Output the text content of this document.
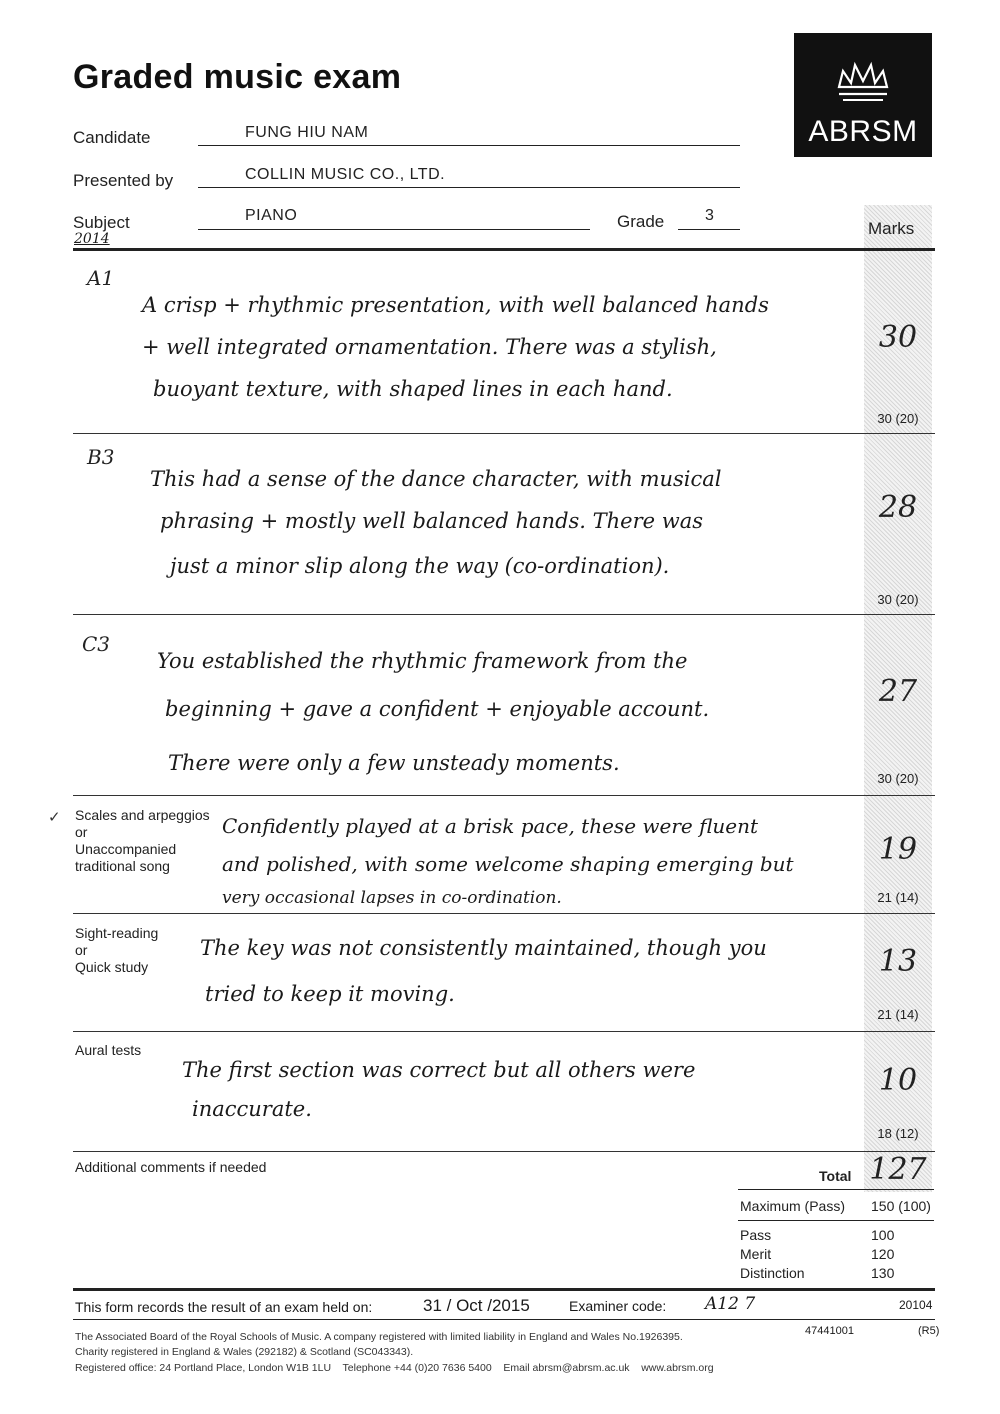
Graded music exam
ABRSM
Candidate	FUNG HIU NAM
Presented by	COLLIN MUSIC CO., LTD.
Subject
2014
PIANO	Grade	3
Marks
A1
A crisp + rhythmic presentation, with well balanced hands
+ well integrated ornamentation. There was a stylish,
buoyant texture, with shaped lines in each hand.
30
30 (20)
B3
This had a sense of the dance character, with musical
phrasing + mostly well balanced hands. There was
just a minor slip along the way (co-ordination).
28
30 (20)
C3
You established the rhythmic framework from the
beginning + gave a confident + enjoyable account.
There were only a few unsteady moments.
27
30 (20)
✓ Scales and arpeggios
or
Unaccompanied
traditional song
Confidently played at a brisk pace, these were fluent
and polished, with some welcome shaping emerging but
very occasional lapses in co-ordination.
19
21 (14)
Sight-reading
or
Quick study
The key was not consistently maintained, though you
tried to keep it moving.
13
21 (14)
Aural tests
The first section was correct but all others were
inaccurate.
10
18 (12)
Additional comments if needed
Total 127
Maximum (Pass) 150 (100)
Pass	100
Merit	120
Distinction	130
This form records the result of an exam held on:	31 / Oct /2015	Examiner code: A12 7	20104
47441001	(R5)
The Associated Board of the Royal Schools of Music. A company registered with limited liability in England and Wales No.1926395.
Charity registered in England & Wales (292182) & Scotland (SC043343).
Registered office: 24 Portland Place, London W1B 1LU    Telephone +44 (0)20 7636 5400    Email abrsm@abrsm.ac.uk    www.abrsm.org
